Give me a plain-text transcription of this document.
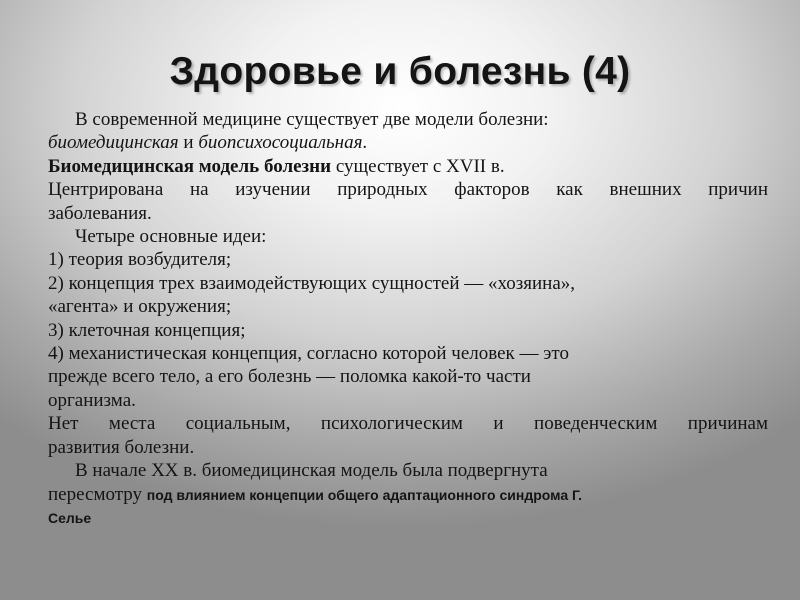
Здоровье и болезнь (4)
В современной медицине существует две модели болезни:
биомедицинская и биопсихосоциальная.
Биомедицинская модель болезни существует с XVII в.
Центрирована на изучении природных факторов как внешних причин
заболевания.
Четыре основные идеи:
1) теория возбудителя;
2) концепция трех взаимодействующих сущностей — «хозяина»,
«агента» и окружения;
3) клеточная концепция;
4) механистическая концепция, согласно которой человек — это
прежде всего тело, а его болезнь — поломка какой-то части
организма.
Нет места социальным, психологическим и поведенческим причинам
развития болезни.
В начале XX в. биомедицинская модель была подвергнута
пересмотру под влиянием концепции общего адаптационного синдрома Г.
Селье
